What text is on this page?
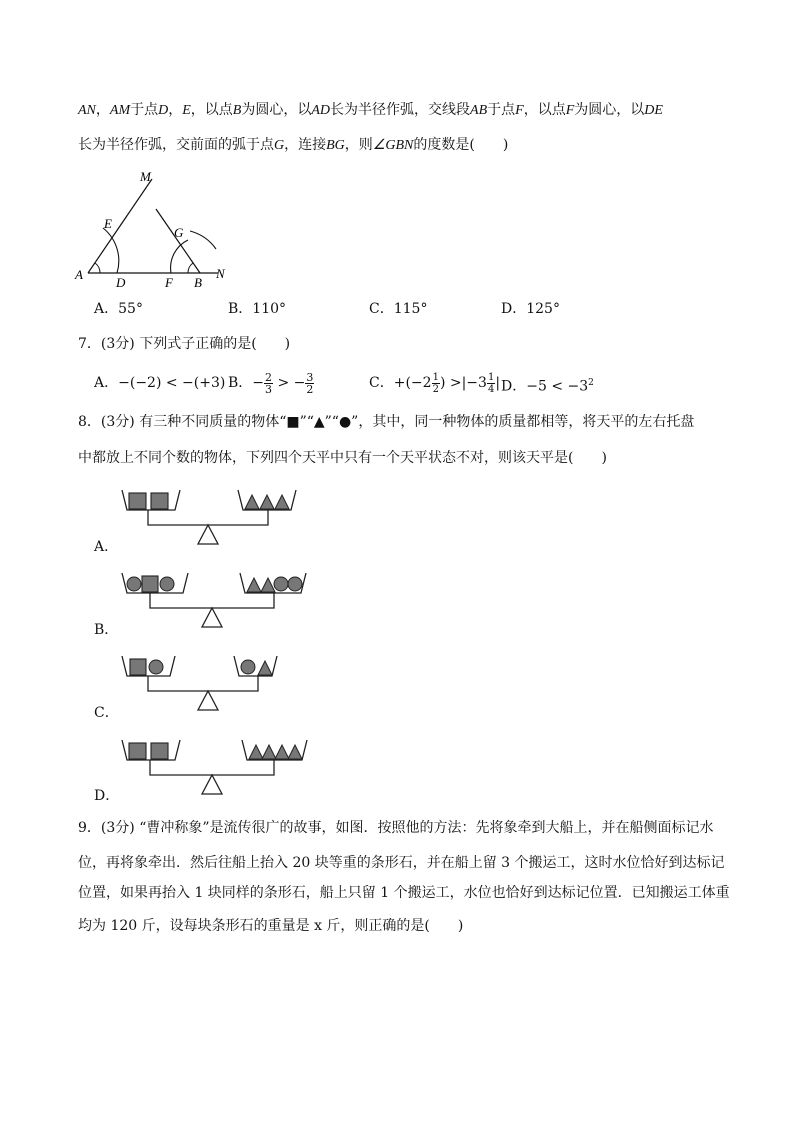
AN，AM于点D，E，以点B为圆心，以AD长为半径作弧，交线段AB于点F，以点F为圆心，以DE
长为半径作弧，交前面的弧于点G，连接BG，则∠GBN的度数是(　　)
M
E
G
A
D	F B
N
A．55°	B．110°	C．115°	D．125°
7．(3分) 下列式子正确的是(　　)
A．−(−2) < −(+3) B．− $\frac{2}{3}$ > − $\frac{3}{2}$	C．$+(-2 \frac{1}{2}$ ) $>|-3 \frac{1}{4}$ | D．$-5 < -3^2$
8．(3分) 有三种不同质量的物体“■”“▲”“●”，其中，同一种物体的质量都相等，将天平的左右托盘
中都放上不同个数的物体，下列四个天平中只有一个天平状态不对，则该天平是(　　)
A．
B．
C．
D．
9．(3分) “曹冲称象”是流传很广的故事，如图．按照他的方法：先将象牵到大船上，并在船侧面标记水
位，再将象牵出．然后往船上抬入 20 块等重的条形石，并在船上留 3 个搬运工，这时水位恰好到达标记
位置，如果再抬入 1 块同样的条形石，船上只留 1 个搬运工，水位也恰好到达标记位置．已知搬运工体重
均为 120 斤，设每块条形石的重量是 x 斤，则正确的是(　　)
